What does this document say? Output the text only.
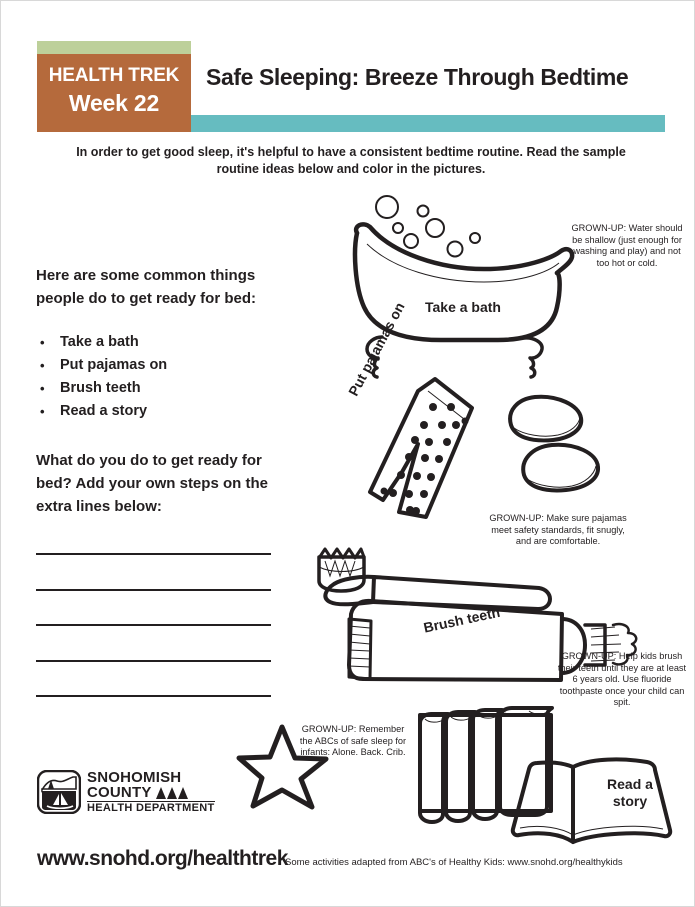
HEALTH TREK
Week 22
Safe Sleeping: Breeze Through Bedtime
In order to get good sleep, it's helpful to have a consistent bedtime routine. Read the sample routine ideas below and color in the pictures.
Here are some common things people do to get ready for bed:
• Take a bath
• Put pajamas on
• Brush teeth
• Read a story
What do you do to get ready for bed? Add your own steps on the extra lines below:
Take a bath
Put pajamas on
Brush teeth
Read a story
GROWN-UP: Water should be shallow (just enough for washing and play) and not too hot or cold.
GROWN-UP: Make sure pajamas meet safety standards, fit snugly, and are comfortable.
GROWN-UP: Help kids brush their teeth until they are at least 6 years old. Use fluoride toothpaste once your child can spit.
GROWN-UP: Remember the ABCs of safe sleep for infants: Alone. Back. Crib.
SNOHOMISH
COUNTY
HEALTH DEPARTMENT
www.snohd.org/healthtrek
Some activities adapted from ABC's of Healthy Kids: www.snohd.org/healthykids
